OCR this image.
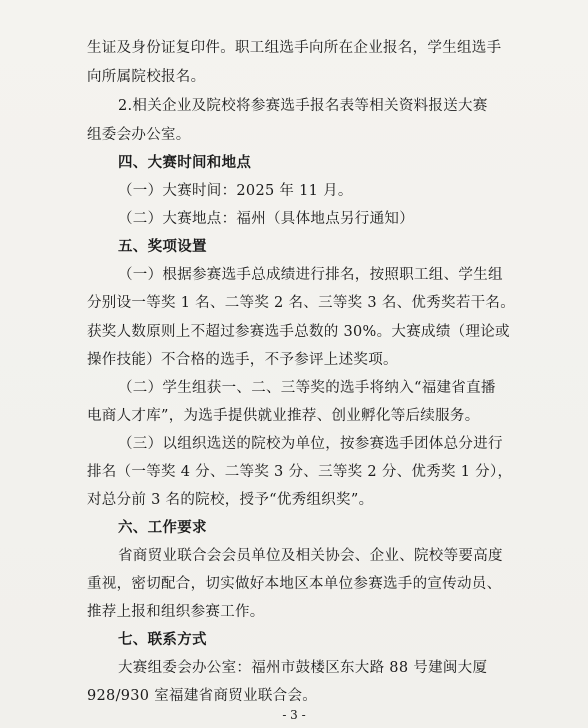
生证及身份证复印件。职工组选手向所在企业报名，学生组选手
向所属院校报名。
2.相关企业及院校将参赛选手报名表等相关资料报送大赛
组委会办公室。
四、大赛时间和地点
（一）大赛时间：2025 年 11 月。
（二）大赛地点：福州（具体地点另行通知）
五、奖项设置
（一）根据参赛选手总成绩进行排名，按照职工组、学生组
分别设一等奖 1 名、二等奖 2 名、三等奖 3 名、优秀奖若干名。
获奖人数原则上不超过参赛选手总数的 30%。大赛成绩（理论或
操作技能）不合格的选手，不予参评上述奖项。
（二）学生组获一、二、三等奖的选手将纳入“福建省直播
电商人才库”，为选手提供就业推荐、创业孵化等后续服务。
（三）以组织选送的院校为单位，按参赛选手团体总分进行
排名（一等奖 4 分、二等奖 3 分、三等奖 2 分、优秀奖 1 分），
对总分前 3 名的院校，授予“优秀组织奖”。
六、工作要求
省商贸业联合会会员单位及相关协会、企业、院校等要高度
重视，密切配合，切实做好本地区本单位参赛选手的宣传动员、
推荐上报和组织参赛工作。
七、联系方式
大赛组委会办公室：福州市鼓楼区东大路 88 号建闽大厦
928/930 室福建省商贸业联合会。
- 3 -
